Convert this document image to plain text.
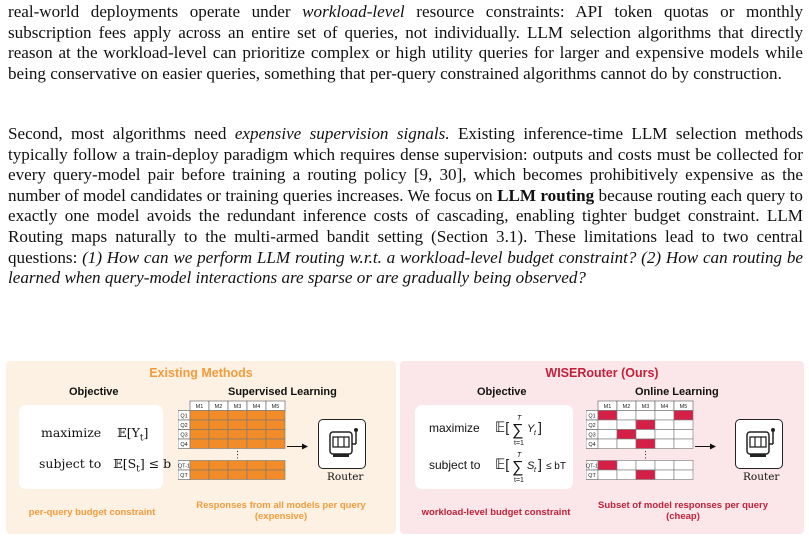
real-world deployments operate under workload-level resource constraints: API token quotas or monthly subscription fees apply across an entire set of queries, not individually. LLM selection algorithms that directly reason at the workload-level can prioritize complex or high utility queries for larger and expensive models while being conservative on easier queries, something that per-query constrained algorithms cannot do by construction.

Second, most algorithms need expensive supervision signals. Existing inference-time LLM selection methods typically follow a train-deploy paradigm which requires dense supervision: outputs and costs must be collected for every query-model pair before training a routing policy [9, 30], which becomes prohibitively expensive as the number of model candidates or training queries increases. We focus on LLM routing because routing each query to exactly one model avoids the redundant inference costs of cascading, enabling tighter budget constraint. LLM Routing maps naturally to the multi-armed bandit setting (Section 3.1). These limitations lead to two central questions: (1) How can we perform LLM routing w.r.t. a workload-level budget constraint? (2) How can routing be learned when query-model interactions are sparse or are gradually being observed?

Existing Methods
Objective	Supervised Learning
maximize $𝔼[Y_t]$
subject to $𝔼[S_t] \le b$
M1 M2 M3 M4 M5
Q1
Q2
Q3
Q4
QT-1
QT
⋮
Router
per-query budget constraint
Responses from all models per query
(expensive)
WISERouter (Ours)
Objective	Online Learning
maximize 𝔼[
T
∑
t=1
Y t ]
subject to 𝔼[
T
∑
t=1
S t ] ≤ bT
M1 M2 M3 M4 M5
Q1
Q2
Q3
Q4
QT-1
QT
⋮
Router
workload-level budget constraint
Subset of model responses per query
(cheap)
